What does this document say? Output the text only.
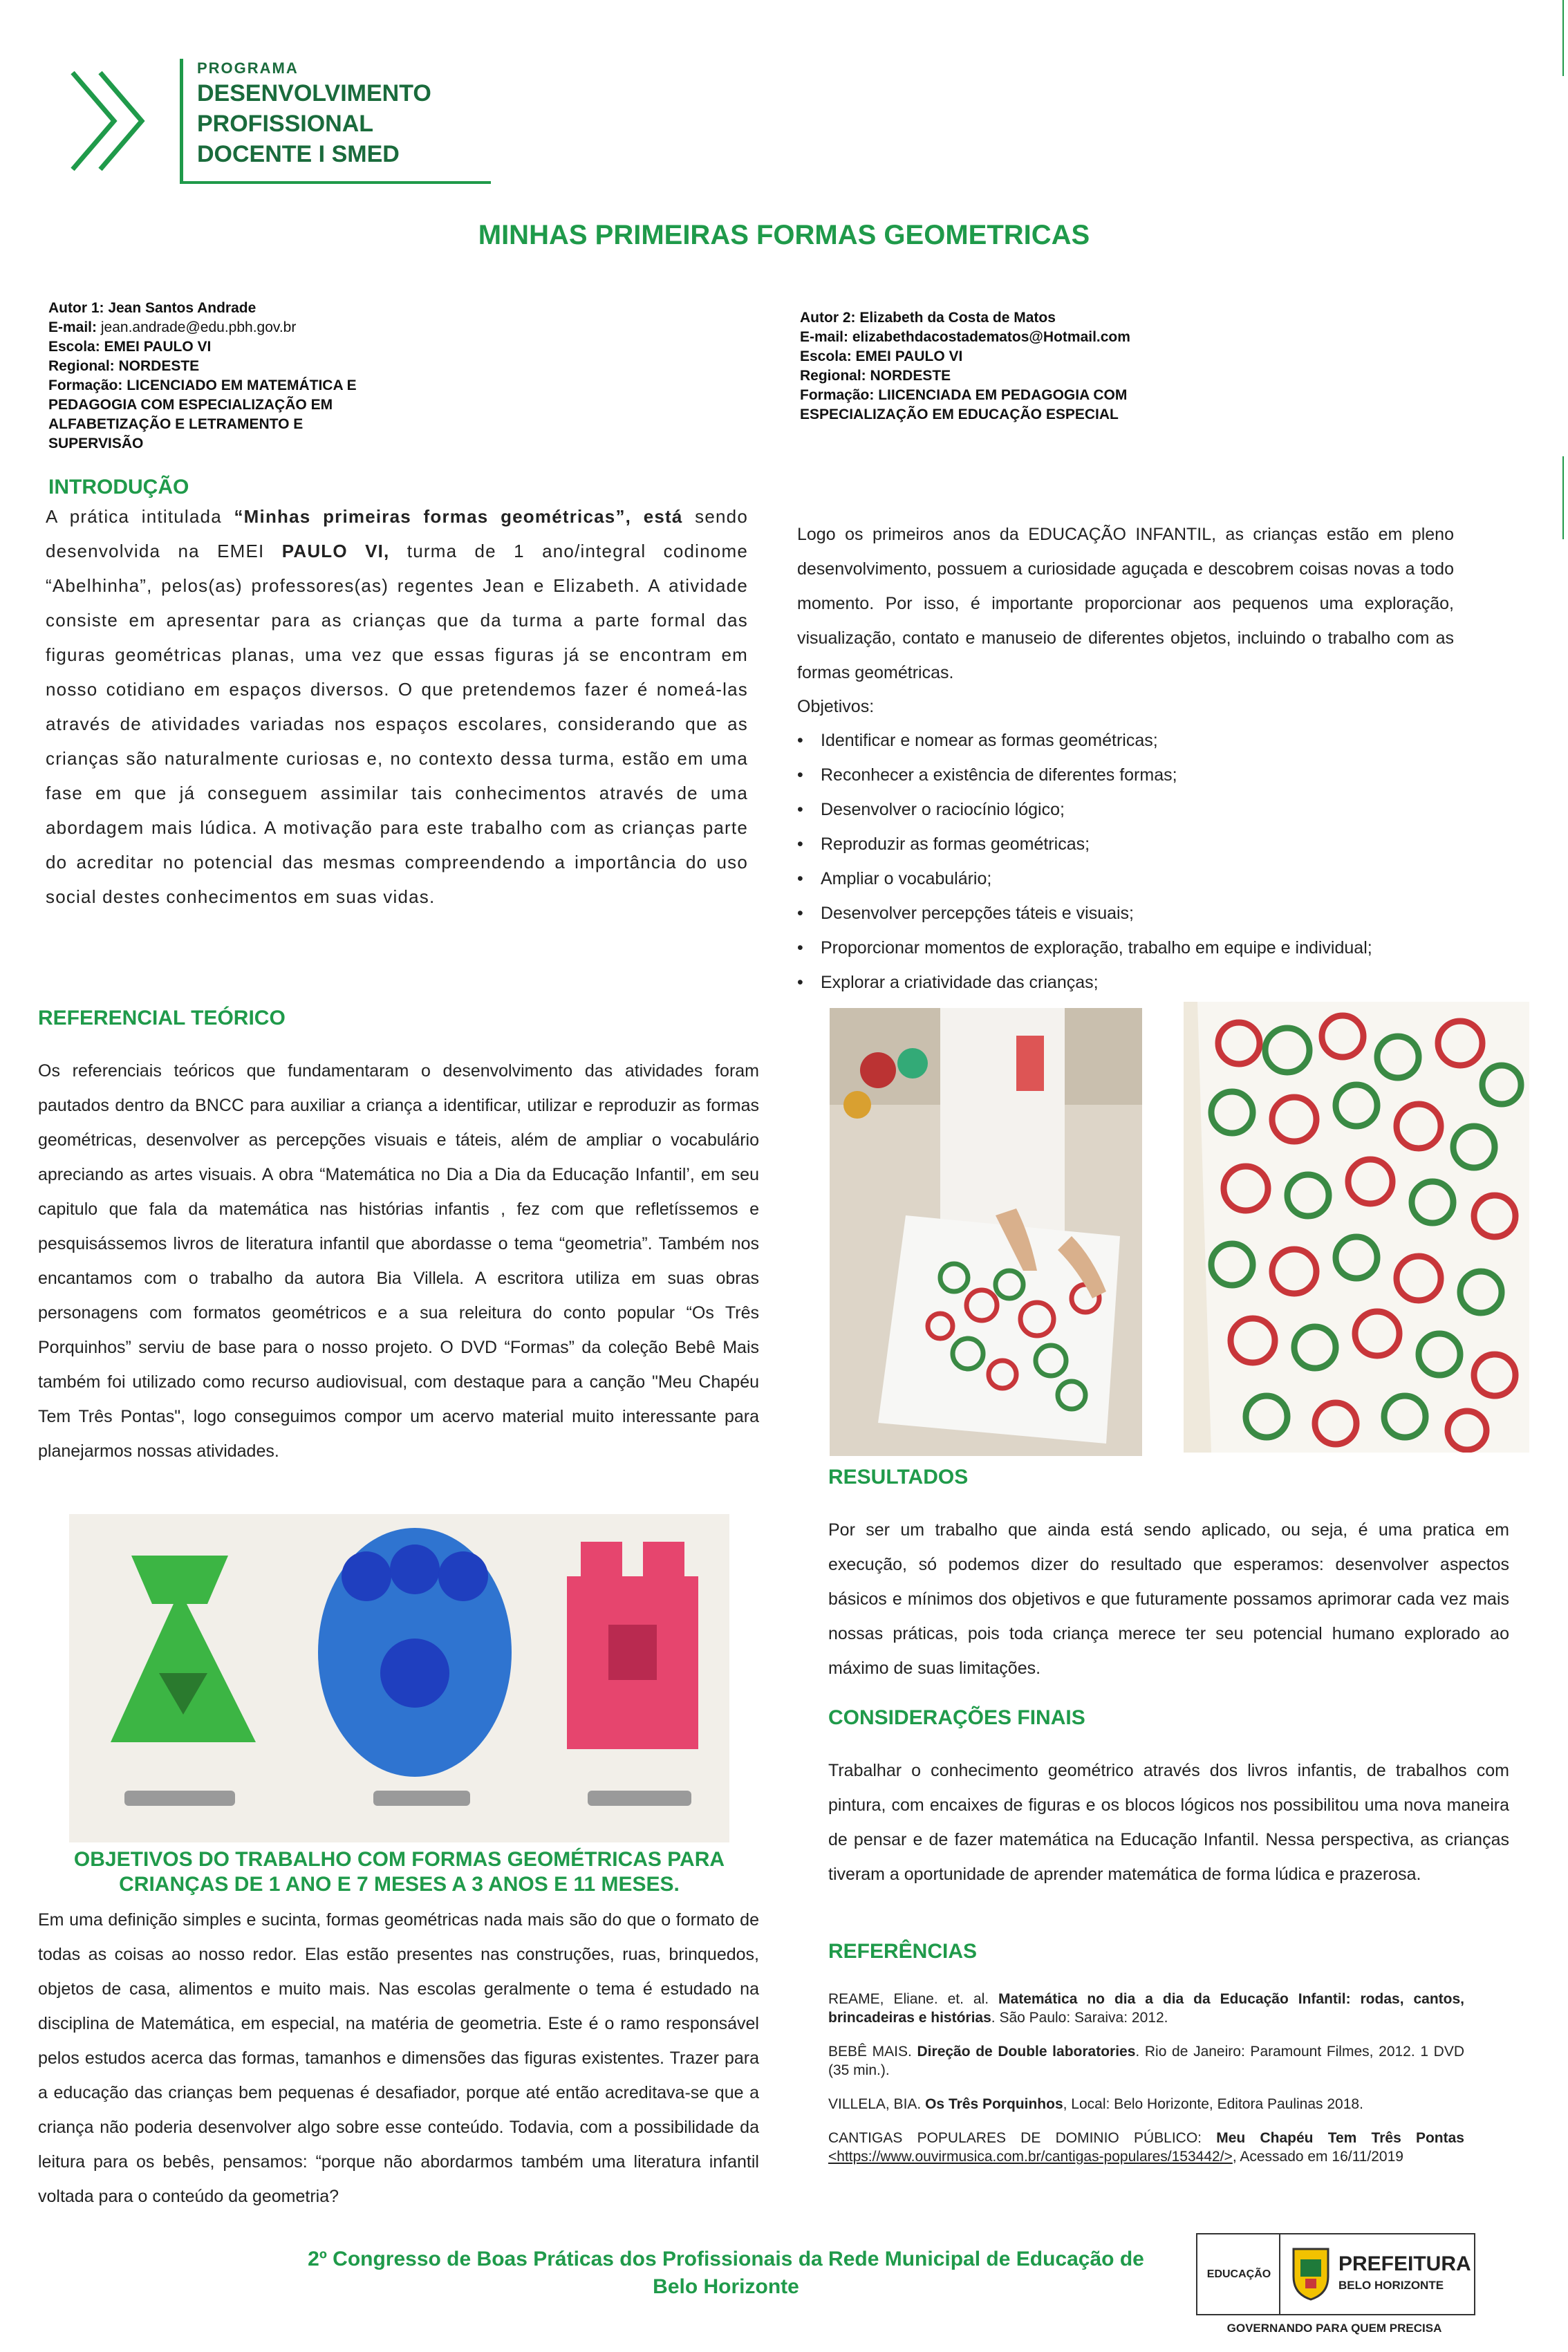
PROGRAMA
DESENVOLVIMENTO
PROFISSIONAL
DOCENTE I SMED
MINHAS PRIMEIRAS FORMAS GEOMETRICAS
Autor 1: Jean Santos Andrade
E-mail: jean.andrade@edu.pbh.gov.br
Escola: EMEI PAULO VI
Regional: NORDESTE
Formação: LICENCIADO EM MATEMÁTICA E
PEDAGOGIA COM ESPECIALIZAÇÃO EM
ALFABETIZAÇÃO E LETRAMENTO E
SUPERVISÃO
Autor 2: Elizabeth da Costa de Matos
E-mail: elizabethdacostadematos@Hotmail.com
Escola: EMEI PAULO VI
Regional: NORDESTE
Formação: LIICENCIADA EM PEDAGOGIA COM
ESPECIALIZAÇÃO EM EDUCAÇÃO ESPECIAL
INTRODUÇÃO
A prática intitulada “Minhas primeiras formas geométricas”, está sendo desenvolvida na EMEI PAULO VI, turma de 1 ano/integral codinome “Abelhinha”, pelos(as) professores(as) regentes Jean e Elizabeth. A atividade consiste em apresentar para as crianças que da turma a parte formal das figuras geométricas planas, uma vez que essas figuras já se encontram em nosso cotidiano em espaços diversos. O que pretendemos fazer é nomeá-las através de atividades variadas nos espaços escolares, considerando que as crianças são naturalmente curiosas e, no contexto dessa turma, estão em uma fase em que já conseguem assimilar tais conhecimentos através de uma abordagem mais lúdica. A motivação para este trabalho com as crianças parte do acreditar no potencial das mesmas compreendendo a importância do uso social destes conhecimentos em suas vidas.
Logo os primeiros anos da EDUCAÇÃO INFANTIL, as crianças estão em pleno desenvolvimento, possuem a curiosidade aguçada e descobrem coisas novas a todo momento. Por isso, é importante proporcionar aos pequenos uma exploração, visualização, contato e manuseio de diferentes objetos, incluindo o trabalho com as formas geométricas.
Objetivos:
• Identificar e nomear as formas geométricas;
• Reconhecer a existência de diferentes formas;
• Desenvolver o raciocínio lógico;
• Reproduzir as formas geométricas;
• Ampliar o vocabulário;
• Desenvolver percepções táteis e visuais;
• Proporcionar momentos de exploração, trabalho em equipe e individual;
• Explorar a criatividade das crianças;
REFERENCIAL TEÓRICO
Os referenciais teóricos que fundamentaram o desenvolvimento das atividades foram pautados dentro da BNCC para auxiliar a criança a identificar, utilizar e reproduzir as formas geométricas, desenvolver as percepções visuais e táteis, além de ampliar o vocabulário apreciando as artes visuais. A obra “Matemática no Dia a Dia da Educação Infantil’, em seu capitulo que fala da matemática nas histórias infantis , fez com que refletíssemos e pesquisássemos livros de literatura infantil que abordasse o tema “geometria”. Também nos encantamos com o trabalho da autora Bia Villela. A escritora utiliza em suas obras personagens com formatos geométricos e a sua releitura do conto popular “Os Três Porquinhos” serviu de base para o nosso projeto. O DVD “Formas” da coleção Bebê Mais também foi utilizado como recurso audiovisual, com destaque para a canção "Meu Chapéu Tem Três Pontas", logo conseguimos compor um acervo material muito interessante para planejarmos nossas atividades.
OBJETIVOS DO TRABALHO COM FORMAS GEOMÉTRICAS PARA
CRIANÇAS DE 1 ANO E 7 MESES A 3 ANOS E 11 MESES.
Em uma definição simples e sucinta, formas geométricas nada mais são do que o formato de todas as coisas ao nosso redor. Elas estão presentes nas construções, ruas, brinquedos, objetos de casa, alimentos e muito mais. Nas escolas geralmente o tema é estudado na disciplina de Matemática, em especial, na matéria de geometria. Este é o ramo responsável pelos estudos acerca das formas, tamanhos e dimensões das figuras existentes. Trazer para a educação das crianças bem pequenas é desafiador, porque até então acreditava-se que a criança não poderia desenvolver algo sobre esse conteúdo. Todavia, com a possibilidade da leitura para os bebês, pensamos: “porque não abordarmos também uma literatura infantil voltada para o conteúdo da geometria?
RESULTADOS
Por ser um trabalho que ainda está sendo aplicado, ou seja, é uma pratica em execução, só podemos dizer do resultado que esperamos: desenvolver aspectos básicos e mínimos dos objetivos e que futuramente possamos aprimorar cada vez mais nossas práticas, pois toda criança merece ter seu potencial humano explorado ao máximo de suas limitações.
CONSIDERAÇÕES FINAIS
Trabalhar o conhecimento geométrico através dos livros infantis, de trabalhos com pintura, com encaixes de figuras e os blocos lógicos nos possibilitou uma nova maneira de pensar e de fazer matemática na Educação Infantil. Nessa perspectiva, as crianças tiveram a oportunidade de aprender matemática de forma lúdica e prazerosa.
REFERÊNCIAS
REAME, Eliane. et. al. Matemática no dia a dia da Educação Infantil: rodas, cantos, brincadeiras e histórias. São Paulo: Saraiva: 2012.
BEBÊ MAIS. Direção de Double laboratories. Rio de Janeiro: Paramount Filmes, 2012. 1 DVD (35 min.).
VILLELA, BIA. Os Três Porquinhos, Local: Belo Horizonte, Editora Paulinas 2018.
CANTIGAS POPULARES DE DOMINIO PÚBLICO: Meu Chapéu Tem Três Pontas <https://www.ouvirmusica.com.br/cantigas-populares/153442/>, Acessado em 16/11/2019
2º Congresso de Boas Práticas dos Profissionais da Rede Municipal de Educação de
Belo Horizonte
EDUCAÇÃO	PREFEITURA
BELO HORIZONTE
GOVERNANDO PARA QUEM PRECISA
